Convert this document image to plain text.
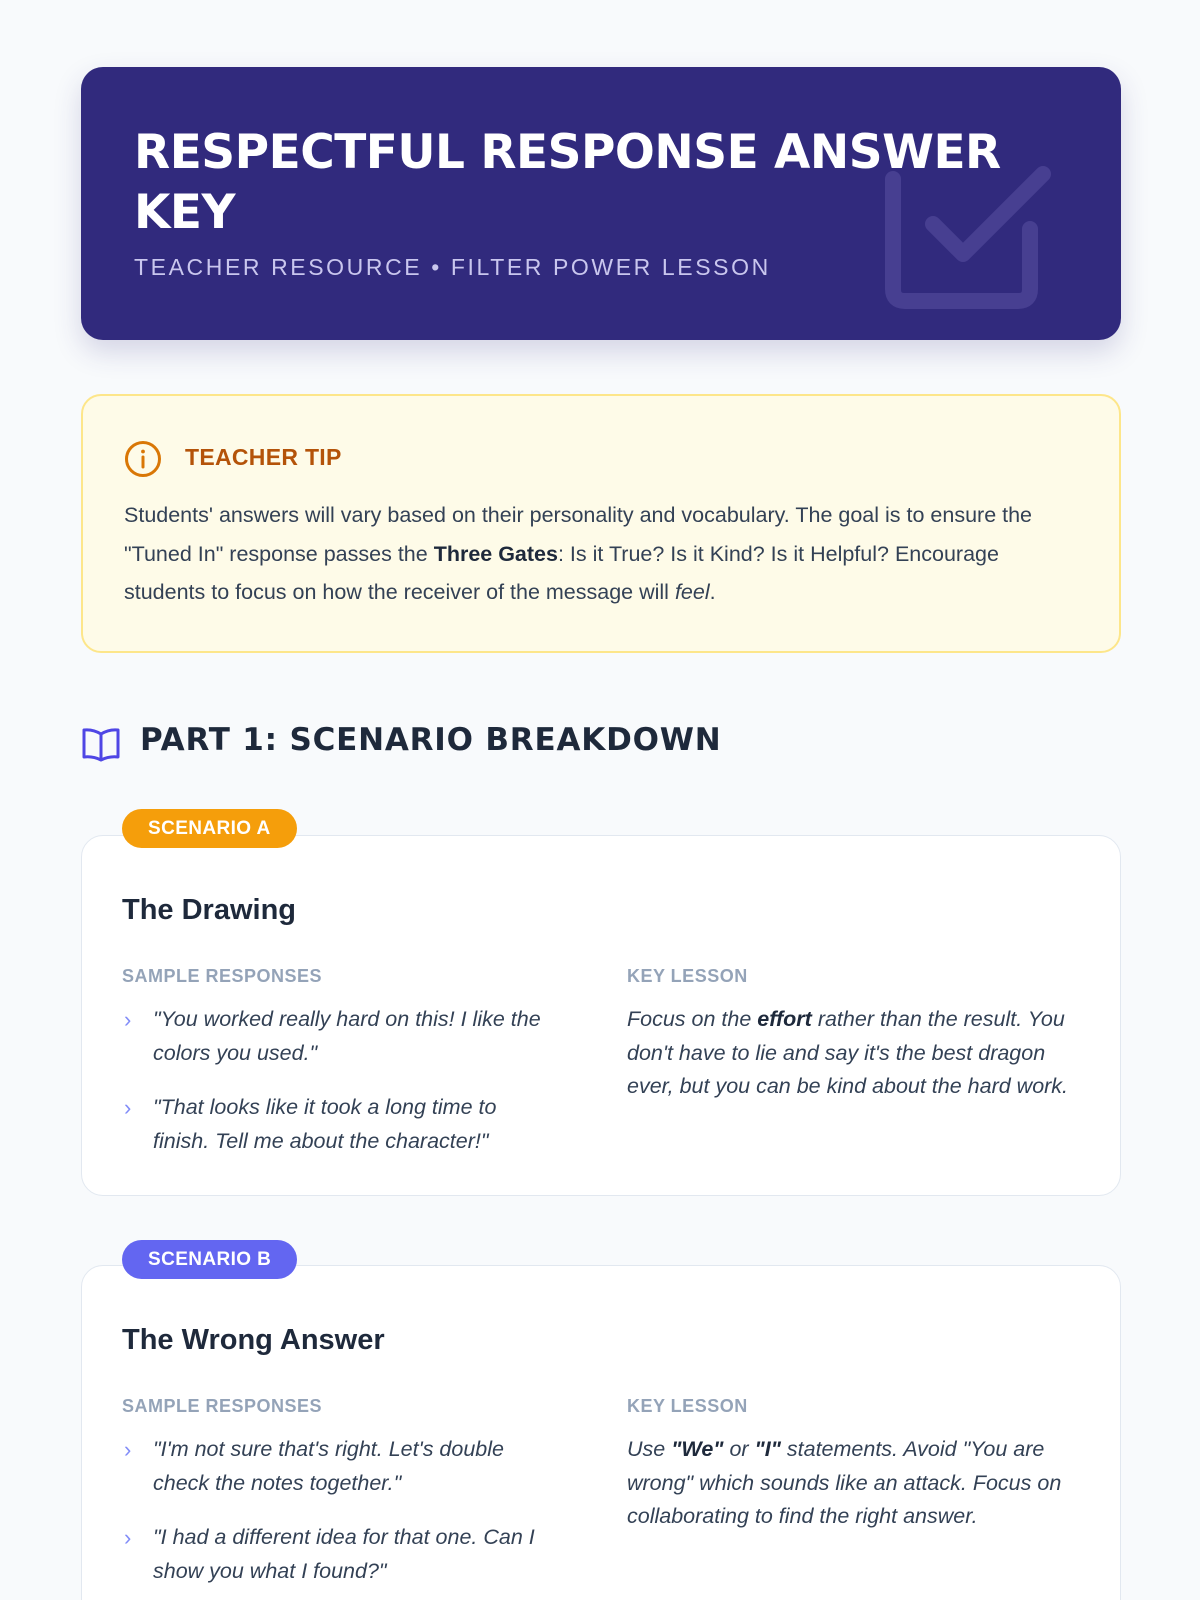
RESPECTFUL RESPONSE ANSWER KEY
TEACHER RESOURCE • FILTER POWER LESSON
TEACHER TIP
Students' answers will vary based on their personality and vocabulary. The goal is to ensure the "Tuned In" response passes the Three Gates: Is it True? Is it Kind? Is it Helpful? Encourage students to focus on how the receiver of the message will feel.
PART 1: SCENARIO BREAKDOWN
The Drawing
SAMPLE RESPONSES	KEY LESSON
› "You worked really hard on this! I like the colors you used."
› "That looks like it took a long time to finish. Tell me about the character!"
Focus on the effort rather than the result. You don't have to lie and say it's the best dragon ever, but you can be kind about the hard work.
SCENARIO A
The Wrong Answer
SAMPLE RESPONSES	KEY LESSON
› "I'm not sure that's right. Let's double check the notes together."
› "I had a different idea for that one. Can I show you what I found?"
Use "We" or "I" statements. Avoid "You are wrong" which sounds like an attack. Focus on collaborating to find the right answer.
SCENARIO B
